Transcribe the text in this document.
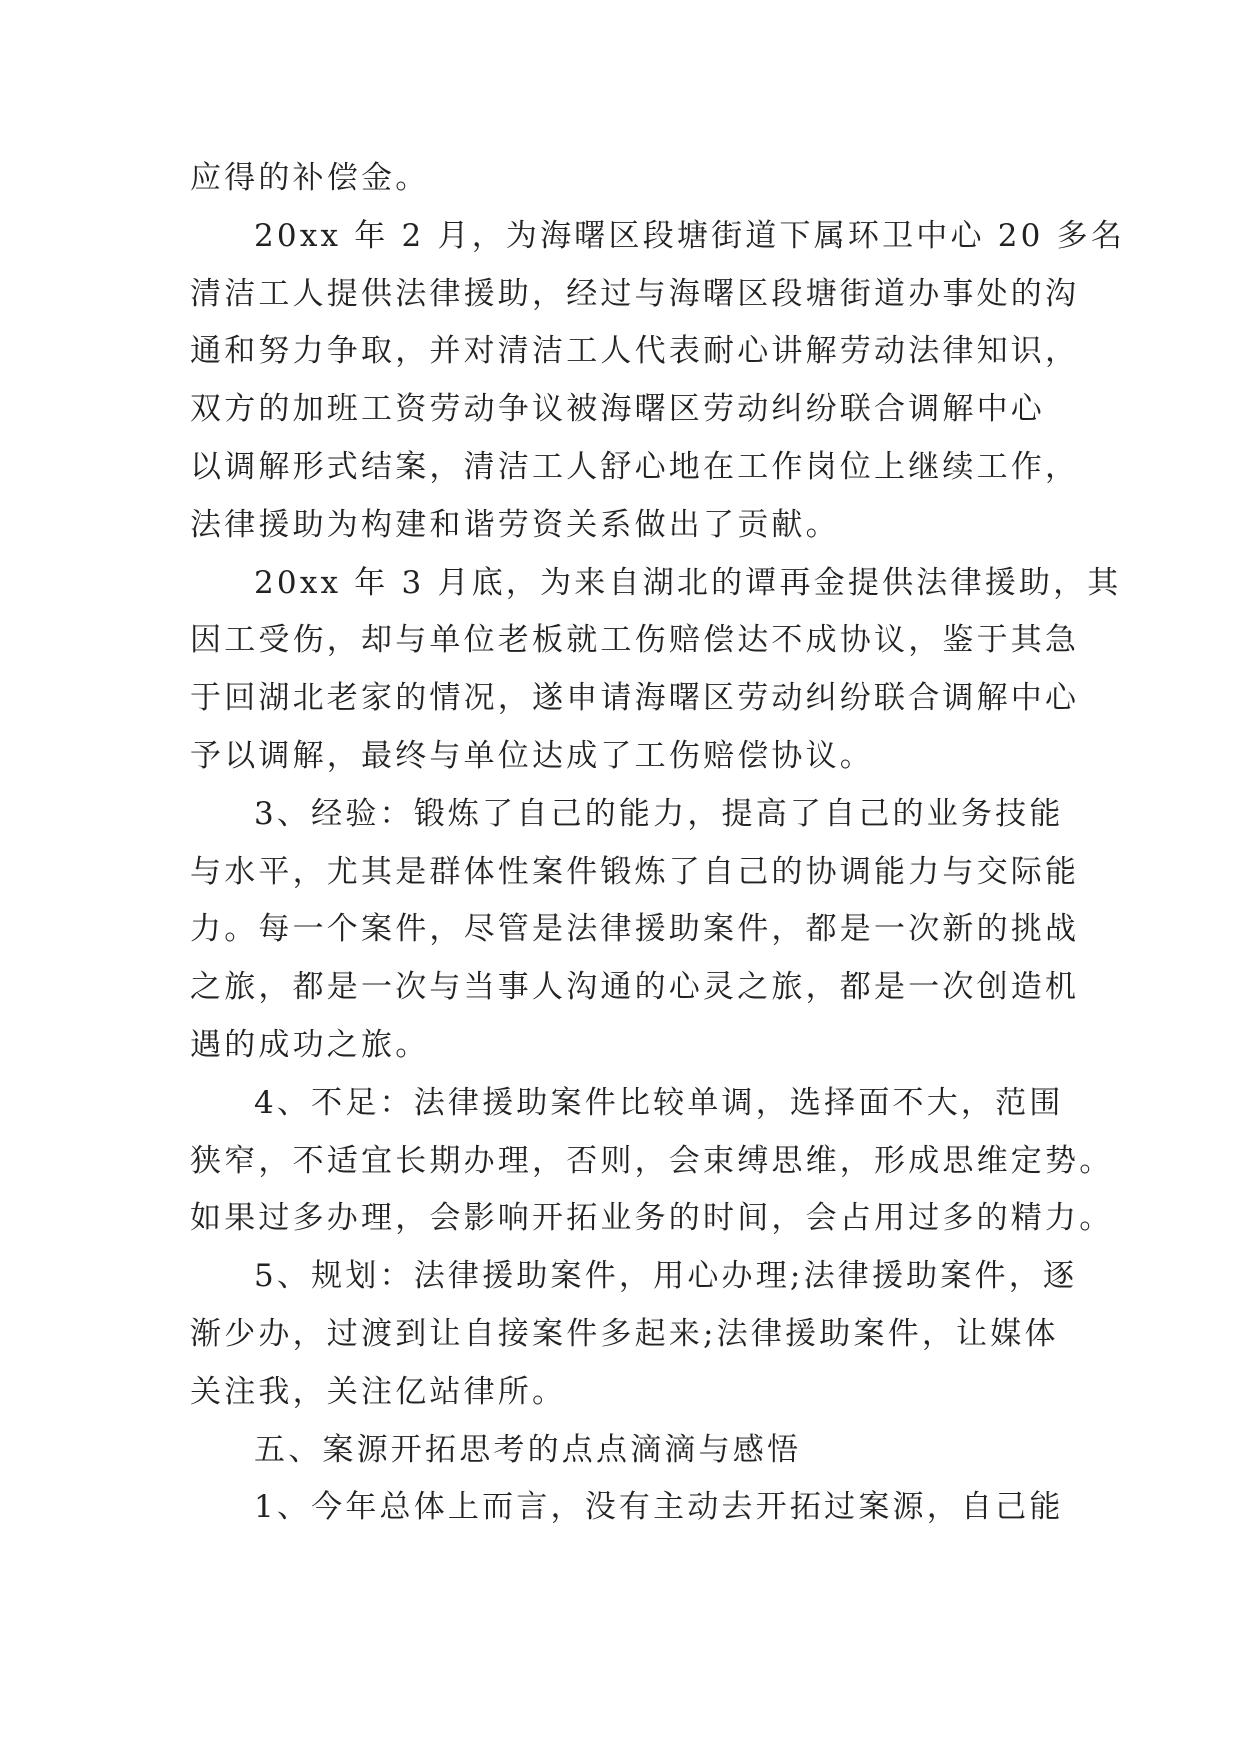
应得的补偿金。
20xx 年 2 月，为海曙区段塘街道下属环卫中心 20 多名
清洁工人提供法律援助，经过与海曙区段塘街道办事处的沟
通和努力争取，并对清洁工人代表耐心讲解劳动法律知识，
双方的加班工资劳动争议被海曙区劳动纠纷联合调解中心
以调解形式结案，清洁工人舒心地在工作岗位上继续工作，
法律援助为构建和谐劳资关系做出了贡献。
20xx 年 3 月底，为来自湖北的谭再金提供法律援助，其
因工受伤，却与单位老板就工伤赔偿达不成协议，鉴于其急
于回湖北老家的情况，遂申请海曙区劳动纠纷联合调解中心
予以调解，最终与单位达成了工伤赔偿协议。
3、经验：锻炼了自己的能力，提高了自己的业务技能
与水平，尤其是群体性案件锻炼了自己的协调能力与交际能
力。每一个案件，尽管是法律援助案件，都是一次新的挑战
之旅，都是一次与当事人沟通的心灵之旅，都是一次创造机
遇的成功之旅。
4、不足：法律援助案件比较单调，选择面不大，范围
狭窄，不适宜长期办理，否则，会束缚思维，形成思维定势。
如果过多办理，会影响开拓业务的时间，会占用过多的精力。
5、规划：法律援助案件，用心办理;法律援助案件，逐
渐少办，过渡到让自接案件多起来;法律援助案件，让媒体
关注我，关注亿站律所。
五、案源开拓思考的点点滴滴与感悟
1、今年总体上而言，没有主动去开拓过案源，自己能
